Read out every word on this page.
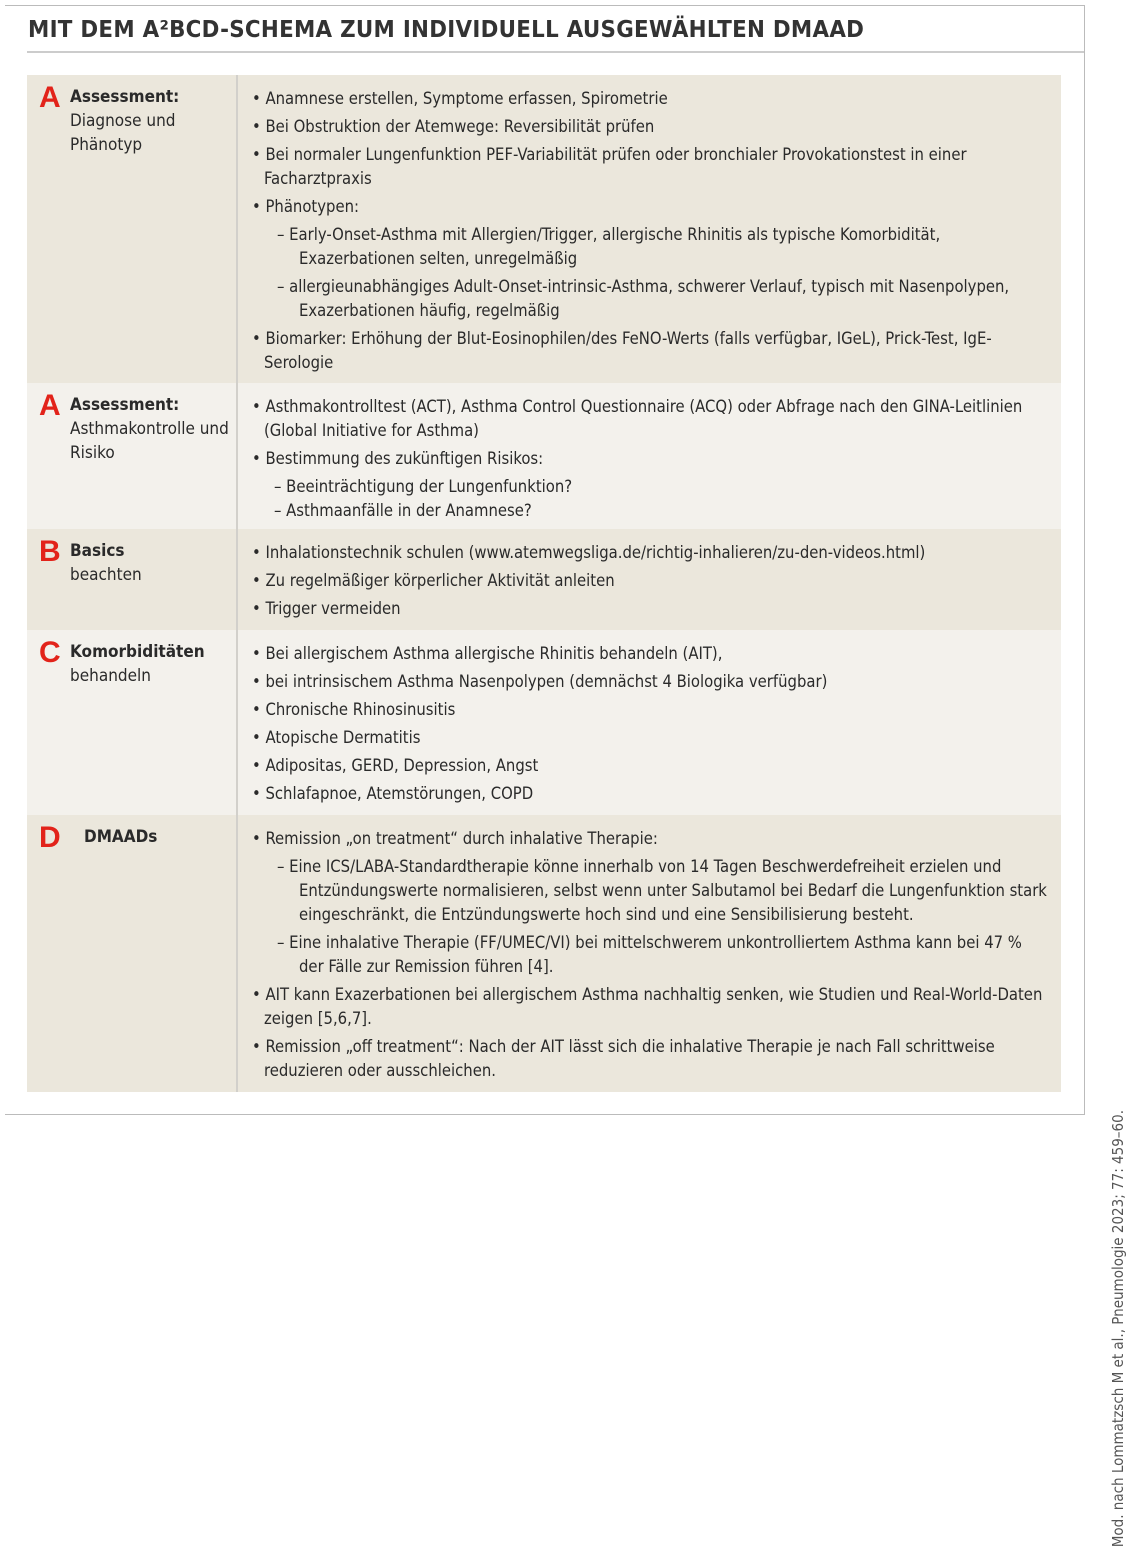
MIT DEM A²BCD-SCHEMA ZUM INDIVIDUELL AUSGEWÄHLTEN DMAAD
A Assessment:
Diagnose und Phänotyp
• Anamnese erstellen, Symptome erfassen, Spirometrie
• Bei Obstruktion der Atemwege: Reversibilität prüfen
• Bei normaler Lungenfunktion PEF-Variabilität prüfen oder bronchialer Provokationstest in einer Facharztpraxis
• Phänotypen:
– Early-Onset-Asthma mit Allergien/Trigger, allergische Rhinitis als typische Komorbidität, Exazerbationen selten, unregelmäßig
– allergieunabhängiges Adult-Onset-intrinsic-Asthma, schwerer Verlauf, typisch mit Nasenpolypen, Exazerbationen häufig, regelmäßig
• Biomarker: Erhöhung der Blut-Eosinophilen/des FeNO-Werts (falls verfügbar, IGeL), Prick-Test, IgE-Serologie
A Assessment:
Asthmakontrolle und Risiko
• Asthmakontrolltest (ACT), Asthma Control Questionnaire (ACQ) oder Abfrage nach den GINA-Leitlinien (Global Initiative for Asthma)
• Bestimmung des zukünftigen Risikos:
– Beeinträchtigung der Lungenfunktion?
– Asthmaanfälle in der Anamnese?
B Basics
beachten
• Inhalationstechnik schulen (www.atemwegsliga.de/richtig-inhalieren/zu-den-videos.html)
• Zu regelmäßiger körperlicher Aktivität anleiten
• Trigger vermeiden
C Komorbiditäten
behandeln
• Bei allergischem Asthma allergische Rhinitis behandeln (AIT),
• bei intrinsischem Asthma Nasenpolypen (demnächst 4 Biologika verfügbar)
• Chronische Rhinosinusitis
• Atopische Dermatitis
• Adipositas, GERD, Depression, Angst
• Schlafapnoe, Atemstörungen, COPD
D DMAADs	• Remission „on treatment“ durch inhalative Therapie:
– Eine ICS/LABA-Standardtherapie könne innerhalb von 14 Tagen Beschwerdefreiheit erzielen und Entzündungswerte normalisieren, selbst wenn unter Salbutamol bei Bedarf die Lungenfunktion stark eingeschränkt, die Entzündungswerte hoch sind und eine Sensibilisierung besteht.
– Eine inhalative Therapie (FF/UMEC/VI) bei mittelschwerem unkontrolliertem Asthma kann bei 47 % der Fälle zur Remission führen [4].
• AIT kann Exazerbationen bei allergischem Asthma nachhaltig senken, wie Studien und Real-World-Daten zeigen [5,6,7].
• Remission „off treatment“: Nach der AIT lässt sich die inhalative Therapie je nach Fall schrittweise reduzieren oder ausschleichen.
Mod. nach Lommatzsch M et al., Pneumologie 2023; 77: 459–60.
